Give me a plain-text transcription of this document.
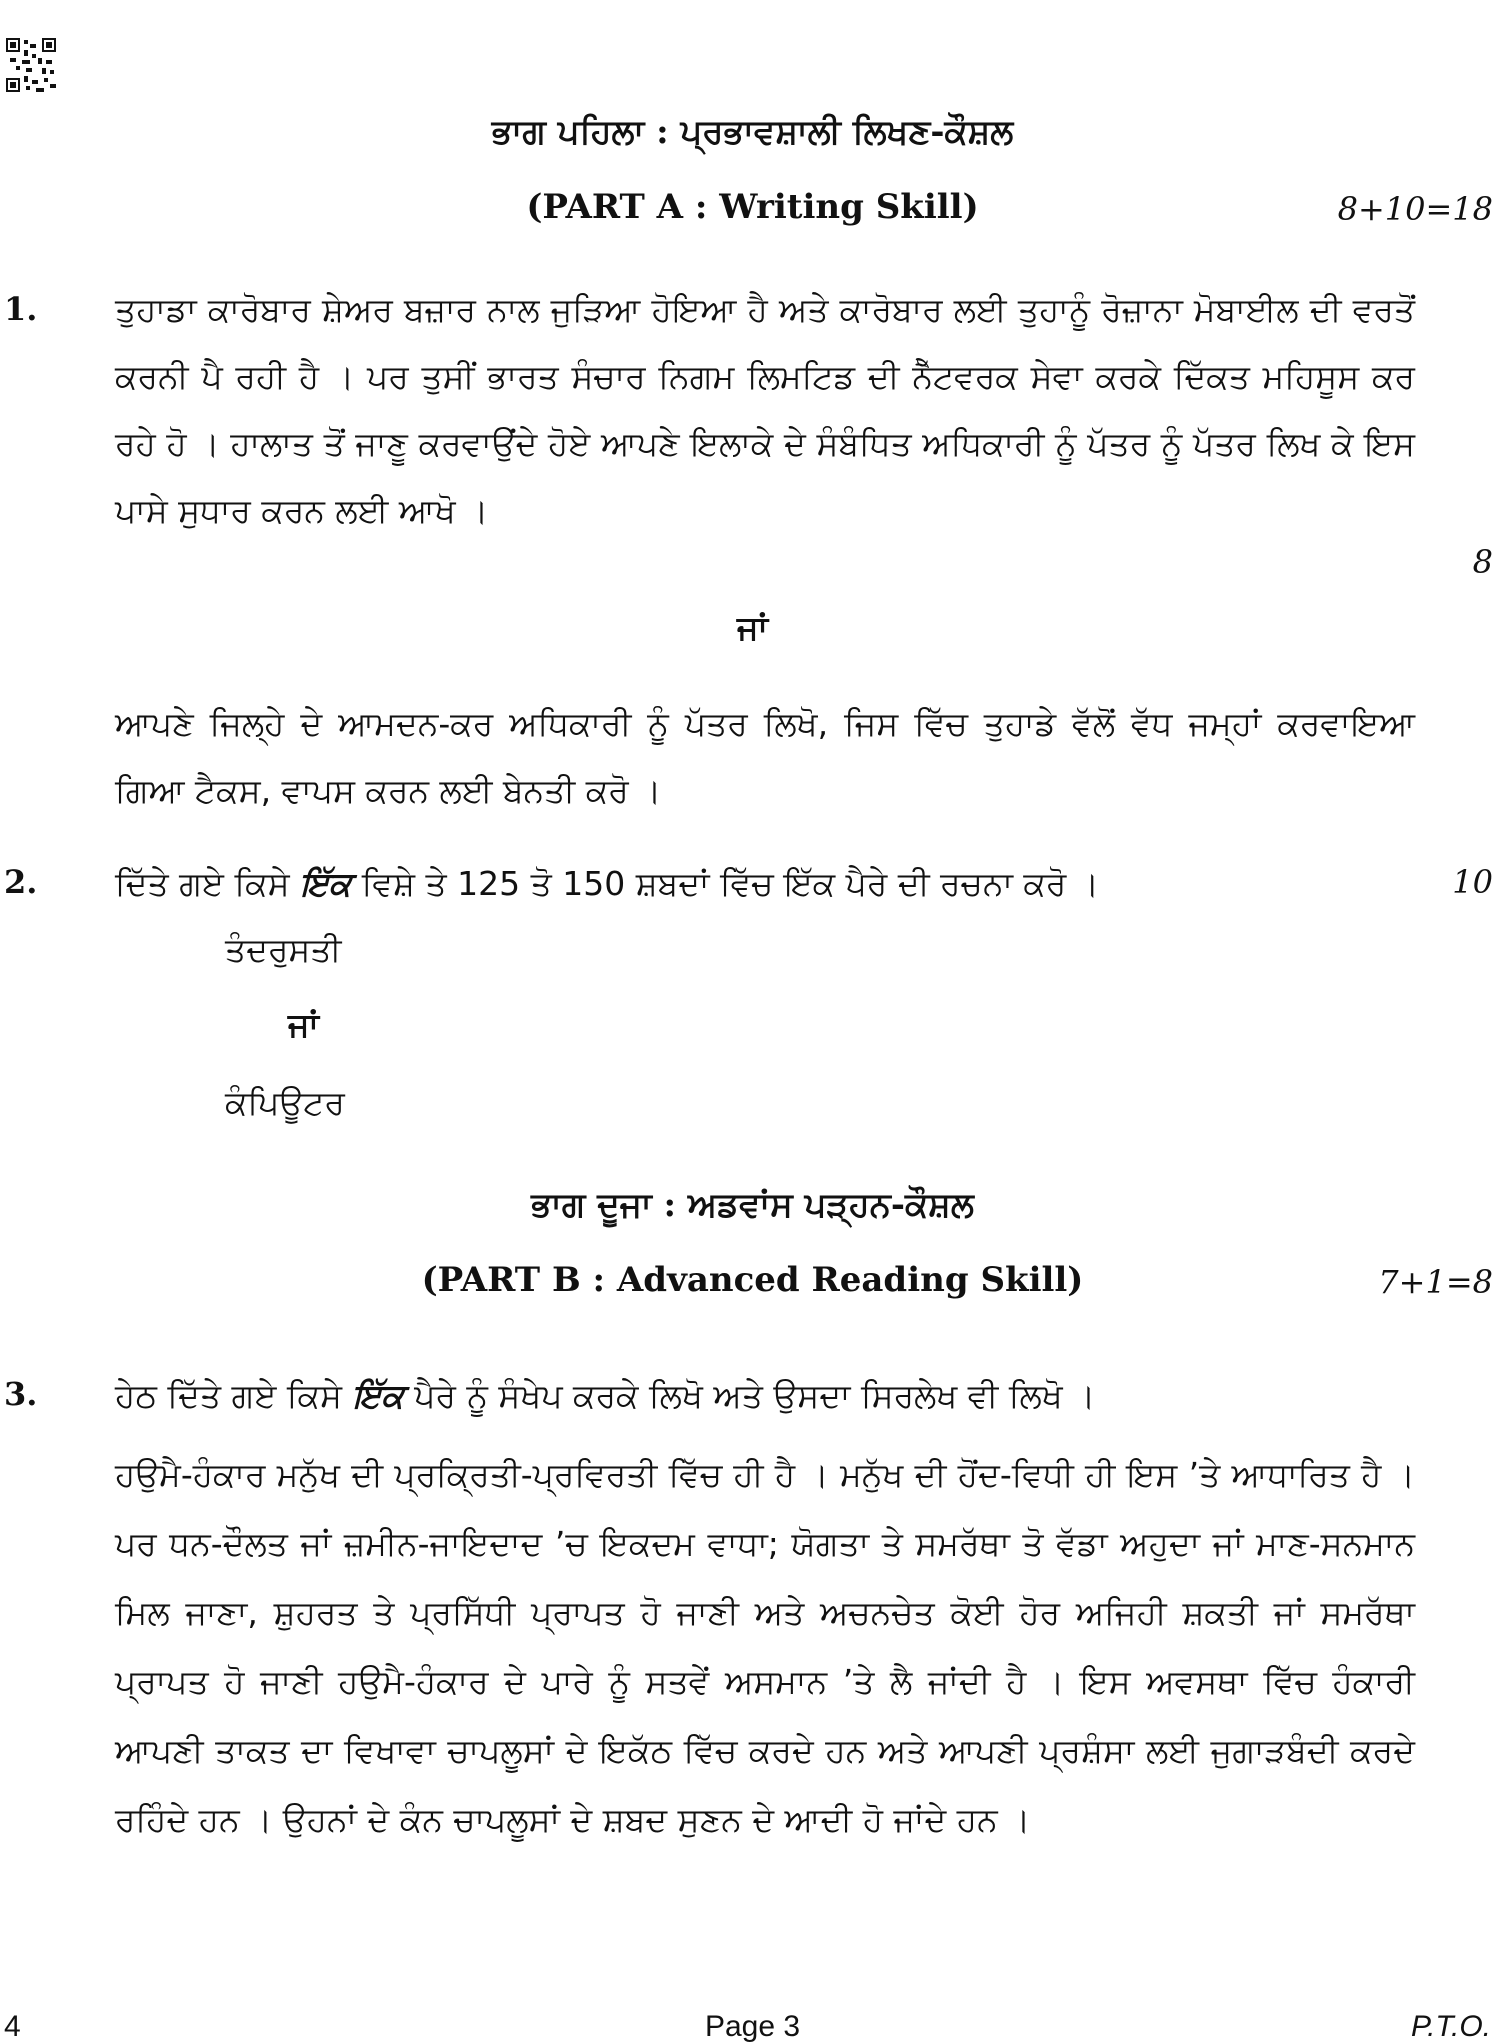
ਭਾਗ ਪਹਿਲਾ : ਪ੍ਰਭਾਵਸ਼ਾਲੀ ਲਿਖਣ-ਕੌਸ਼ਲ
(PART A : Writing Skill)	8+10=18
1. ਤੁਹਾਡਾ ਕਾਰੋਬਾਰ ਸ਼ੇਅਰ ਬਜ਼ਾਰ ਨਾਲ ਜੁੜਿਆ ਹੋਇਆ ਹੈ ਅਤੇ ਕਾਰੋਬਾਰ ਲਈ ਤੁਹਾਨੂੰ ਰੋਜ਼ਾਨਾ ਮੋਬਾਈਲ ਦੀ ਵਰਤੋਂ ਕਰਨੀ ਪੈ ਰਹੀ ਹੈ । ਪਰ ਤੁਸੀਂ ਭਾਰਤ ਸੰਚਾਰ ਨਿਗਮ ਲਿਮਟਿਡ ਦੀ ਨੈੱਟਵਰਕ ਸੇਵਾ ਕਰਕੇ ਦਿੱਕਤ ਮਹਿਸੂਸ ਕਰ ਰਹੇ ਹੋ । ਹਾਲਾਤ ਤੋਂ ਜਾਣੂ ਕਰਵਾਉਂਦੇ ਹੋਏ ਆਪਣੇ ਇਲਾਕੇ ਦੇ ਸੰਬੰਧਿਤ ਅਧਿਕਾਰੀ ਨੂੰ ਪੱਤਰ ਨੂੰ ਪੱਤਰ ਲਿਖ ਕੇ ਇਸ ਪਾਸੇ ਸੁਧਾਰ ਕਰਨ ਲਈ ਆਖੋ ।
8
ਜਾਂ
ਆਪਣੇ ਜਿਲ੍ਹੇ ਦੇ ਆਮਦਨ-ਕਰ ਅਧਿਕਾਰੀ ਨੂੰ ਪੱਤਰ ਲਿਖੋ, ਜਿਸ ਵਿੱਚ ਤੁਹਾਡੇ ਵੱਲੋਂ ਵੱਧ ਜਮ੍ਹਾਂ ਕਰਵਾਇਆ ਗਿਆ ਟੈਕਸ, ਵਾਪਸ ਕਰਨ ਲਈ ਬੇਨਤੀ ਕਰੋ ।
2. ਦਿੱਤੇ ਗਏ ਕਿਸੇ ਇੱਕ ਵਿਸ਼ੇ ਤੇ 125 ਤੋ 150 ਸ਼ਬਦਾਂ ਵਿੱਚ ਇੱਕ ਪੈਰੇ ਦੀ ਰਚਨਾ ਕਰੋ ।	10
ਤੰਦਰੁਸਤੀ
ਜਾਂ
ਕੰਪਿਊਟਰ
ਭਾਗ ਦੂਜਾ : ਅਡਵਾਂਸ ਪੜ੍ਹਨ-ਕੌਸ਼ਲ
(PART B : Advanced Reading Skill)	7+1=8
3. ਹੇਠ ਦਿੱਤੇ ਗਏ ਕਿਸੇ ਇੱਕ ਪੈਰੇ ਨੂੰ ਸੰਖੇਪ ਕਰਕੇ ਲਿਖੋ ਅਤੇ ਉਸਦਾ ਸਿਰਲੇਖ ਵੀ ਲਿਖੋ ।
ਹਉਮੈ-ਹੰਕਾਰ ਮਨੁੱਖ ਦੀ ਪ੍ਰਕ੍ਰਿਤੀ-ਪ੍ਰਵਿਰਤੀ ਵਿੱਚ ਹੀ ਹੈ । ਮਨੁੱਖ ਦੀ ਹੋਂਦ-ਵਿਧੀ ਹੀ ਇਸ ’ਤੇ ਆਧਾਰਿਤ ਹੈ । ਪਰ ਧਨ-ਦੌਲਤ ਜਾਂ ਜ਼ਮੀਨ-ਜਾਇਦਾਦ ’ਚ ਇਕਦਮ ਵਾਧਾ; ਯੋਗਤਾ ਤੇ ਸਮਰੱਥਾ ਤੋ ਵੱਡਾ ਅਹੁਦਾ ਜਾਂ ਮਾਣ-ਸਨਮਾਨ ਮਿਲ ਜਾਣਾ, ਸ਼ੁਹਰਤ ਤੇ ਪ੍ਰਸਿੱਧੀ ਪ੍ਰਾਪਤ ਹੋ ਜਾਣੀ ਅਤੇ ਅਚਨਚੇਤ ਕੋਈ ਹੋਰ ਅਜਿਹੀ ਸ਼ਕਤੀ ਜਾਂ ਸਮਰੱਥਾ ਪ੍ਰਾਪਤ ਹੋ ਜਾਣੀ ਹਉਮੈ-ਹੰਕਾਰ ਦੇ ਪਾਰੇ ਨੂੰ ਸਤਵੇਂ ਅਸਮਾਨ ’ਤੇ ਲੈ ਜਾਂਦੀ ਹੈ । ਇਸ ਅਵਸਥਾ ਵਿੱਚ ਹੰਕਾਰੀ ਆਪਣੀ ਤਾਕਤ ਦਾ ਵਿਖਾਵਾ ਚਾਪਲੂਸਾਂ ਦੇ ਇਕੱਠ ਵਿੱਚ ਕਰਦੇ ਹਨ ਅਤੇ ਆਪਣੀ ਪ੍ਰਸ਼ੰਸਾ ਲਈ ਜੁਗਾੜਬੰਦੀ ਕਰਦੇ ਰਹਿੰਦੇ ਹਨ । ਉਹਨਾਂ ਦੇ ਕੰਨ ਚਾਪਲੂਸਾਂ ਦੇ ਸ਼ਬਦ ਸੁਣਨ ਦੇ ਆਦੀ ਹੋ ਜਾਂਦੇ ਹਨ ।
4	Page 3	P.T.O.
